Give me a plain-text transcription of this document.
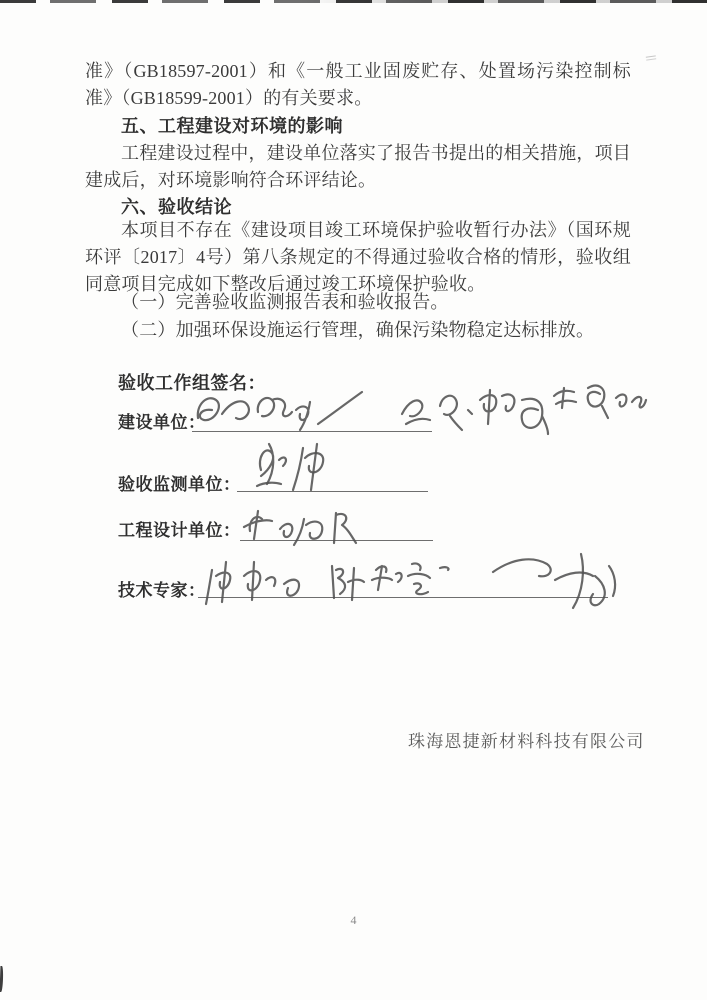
准》（GB18597-2001）和《一般工业固废贮存、处置场污染控制标准》（GB18599-2001）的有关要求。

五、工程建设对环境的影响

工程建设过程中，建设单位落实了报告书提出的相关措施，项目建成后，对环境影响符合环评结论。

六、验收结论

本项目不存在《建设项目竣工环境保护验收暂行办法》（国环规环评〔2017〕4号）第八条规定的不得通过验收合格的情形，验收组同意项目完成如下整改后通过竣工环境保护验收。

（一）完善验收监测报告表和验收报告。

（二）加强环保设施运行管理，确保污染物稳定达标排放。

验收工作组签名：

建设单位：

验收监测单位：

工程设计单位：

技术专家：

珠海恩捷新材料科技有限公司

4
